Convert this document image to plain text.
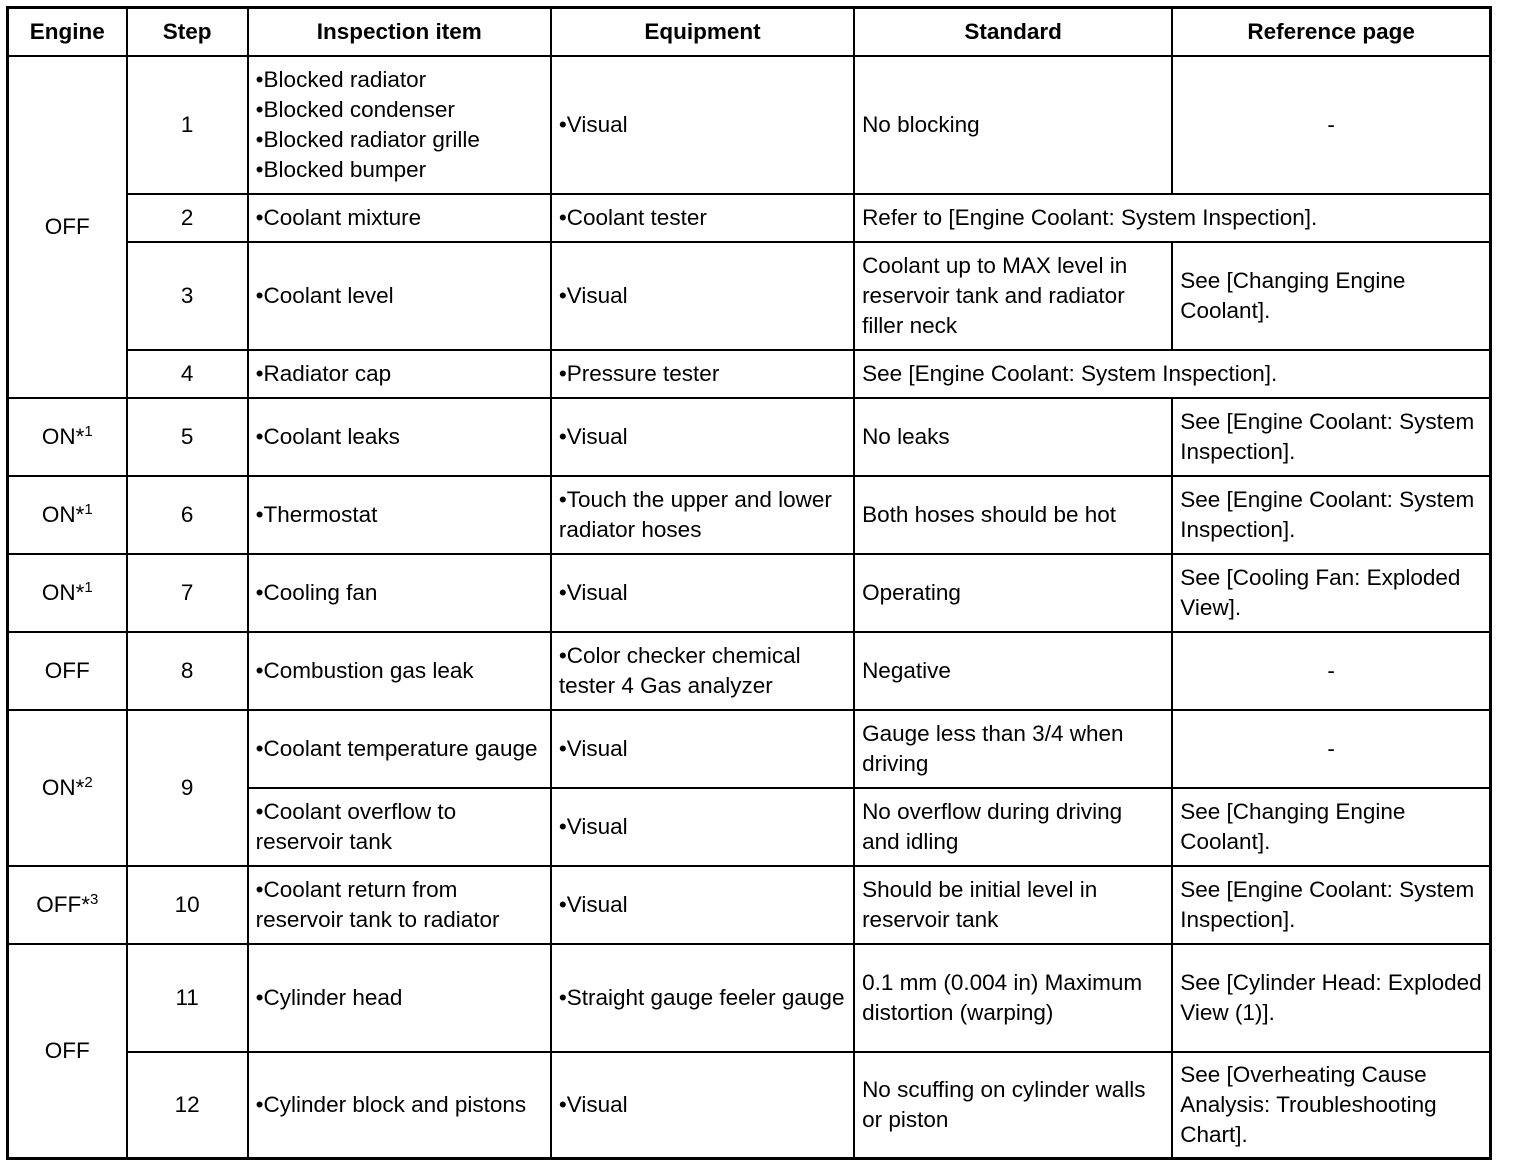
Engine	Step	Inspection item	Equipment	Standard	Reference page
OFF	1	• Blocked radiator
• Blocked condenser
• Blocked radiator grille
• Blocked bumper	• Visual	No blocking	-
	2	• Coolant mixture	• Coolant tester	Refer to [Engine Coolant: System Inspection].	
	3	• Coolant level	• Visual	Coolant up to MAX level in reservoir tank and radiator filler neck	See [Changing Engine Coolant].
	4	• Radiator cap	• Pressure tester	See [Engine Coolant: System Inspection].	
ON*$^1$	5	• Coolant leaks	• Visual	No leaks	See [Engine Coolant: System Inspection].
ON*$^1$	6	• Thermostat	• Touch the upper and lower radiator hoses	Both hoses should be hot	See [Engine Coolant: System Inspection].
ON*$^1$	7	• Cooling fan	• Visual	Operating	See [Cooling Fan: Exploded View].
OFF	8	• Combustion gas leak	• Color checker chemical tester 4 Gas analyzer	Negative	-
ON*$^2$	9	• Coolant temperature gauge	• Visual	Gauge less than 3/4 when driving	-
		• Coolant overflow to reservoir tank	• Visual	No overflow during driving and idling	See [Changing Engine Coolant].
OFF*$^3$	10	• Coolant return from reservoir tank to radiator	• Visual	Should be initial level in reservoir tank	See [Engine Coolant: System Inspection].
OFF	11	• Cylinder head	• Straight gauge feeler gauge	0.1 mm (0.004 in) Maximum distortion (warping)	See [Cylinder Head: Exploded View (1)].
	12	• Cylinder block and pistons	• Visual	No scuffing on cylinder walls or piston	See [Overheating Cause Analysis: Troubleshooting Chart].
